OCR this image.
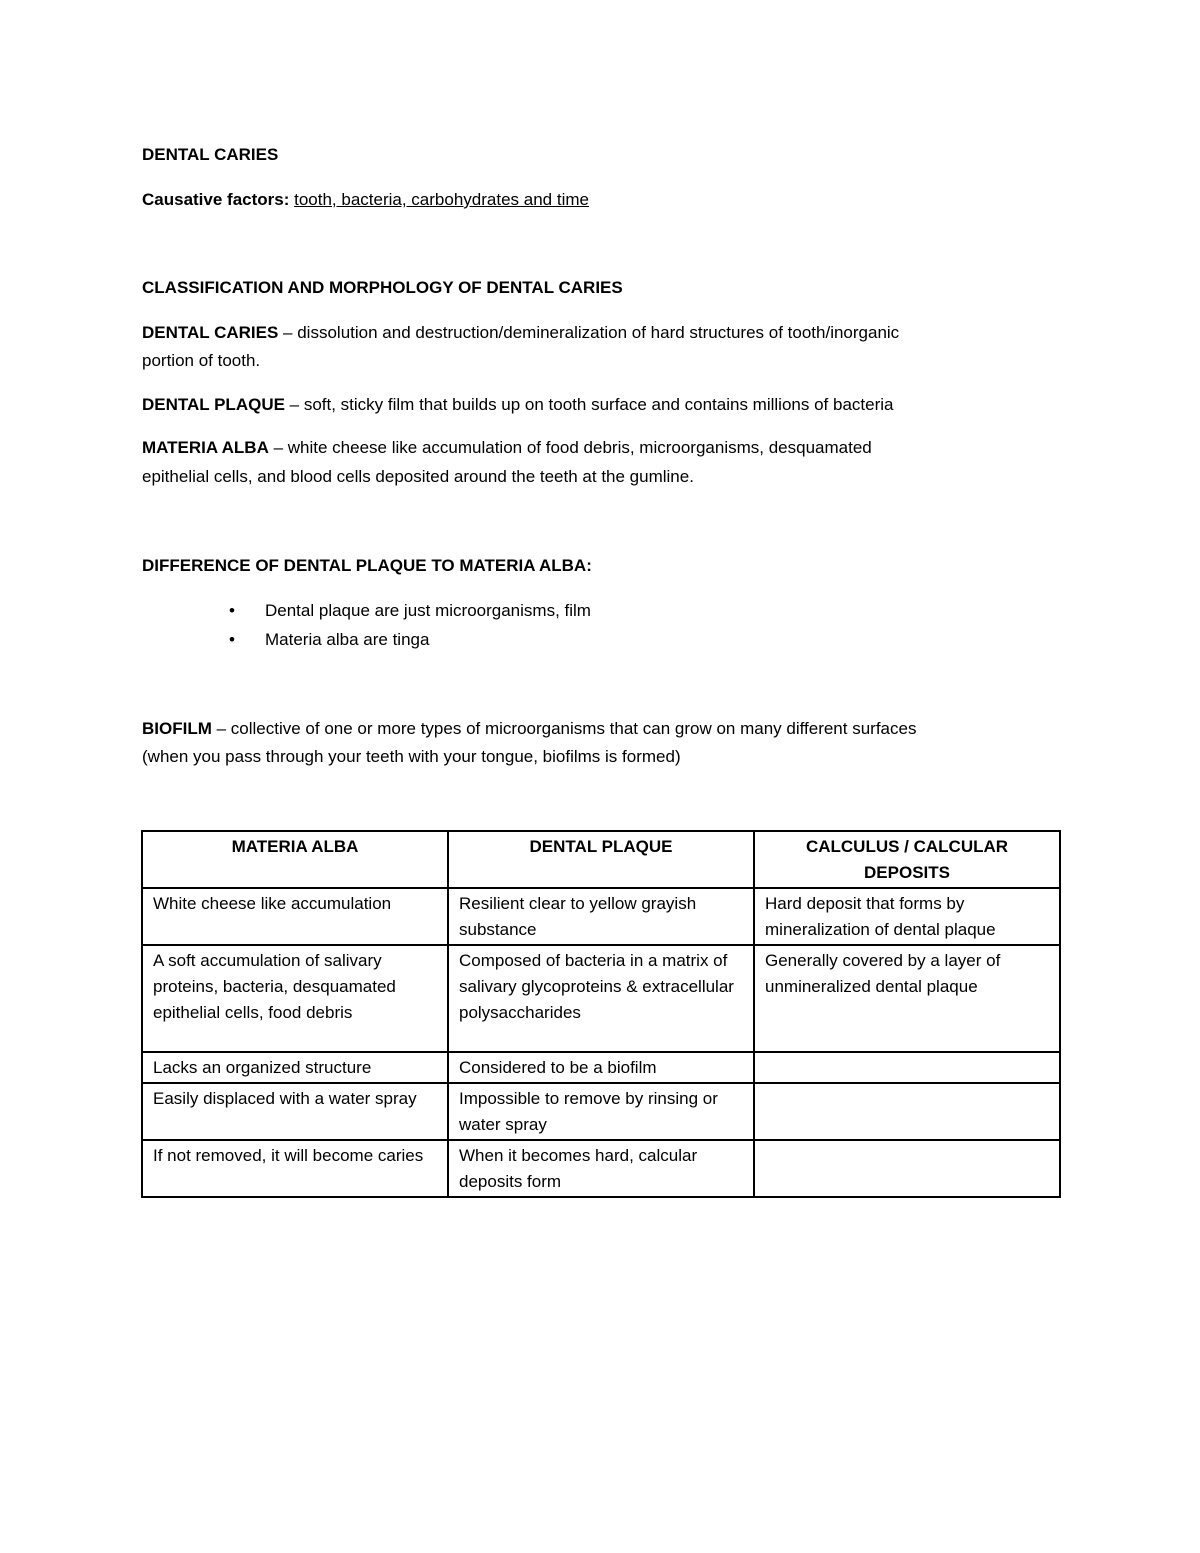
DENTAL CARIES

Causative factors: tooth, bacteria, carbohydrates and time

CLASSIFICATION AND MORPHOLOGY OF DENTAL CARIES

DENTAL CARIES – dissolution and destruction/demineralization of hard structures of tooth/inorganic

portion of tooth.

DENTAL PLAQUE – soft, sticky film that builds up on tooth surface and contains millions of bacteria

MATERIA ALBA – white cheese like accumulation of food debris, microorganisms, desquamated

epithelial cells, and blood cells deposited around the teeth at the gumline.

DIFFERENCE OF DENTAL PLAQUE TO MATERIA ALBA:

• Dental plaque are just microorganisms, film
• Materia alba are tinga

BIOFILM – collective of one or more types of microorganisms that can grow on many different surfaces

(when you pass through your teeth with your tongue, biofilms is formed)

MATERIA ALBA	DENTAL PLAQUE	CALCULUS / CALCULAR DEPOSITS
White cheese like accumulation	Resilient clear to yellow grayish substance	Hard deposit that forms by mineralization of dental plaque
A soft accumulation of salivary proteins, bacteria, desquamated epithelial cells, food debris	Composed of bacteria in a matrix of salivary glycoproteins & extracellular polysaccharides	Generally covered by a layer of unmineralized dental plaque
Lacks an organized structure	Considered to be a biofilm	
Easily displaced with a water spray	Impossible to remove by rinsing or water spray	
If not removed, it will become caries	When it becomes hard, calcular deposits form	
